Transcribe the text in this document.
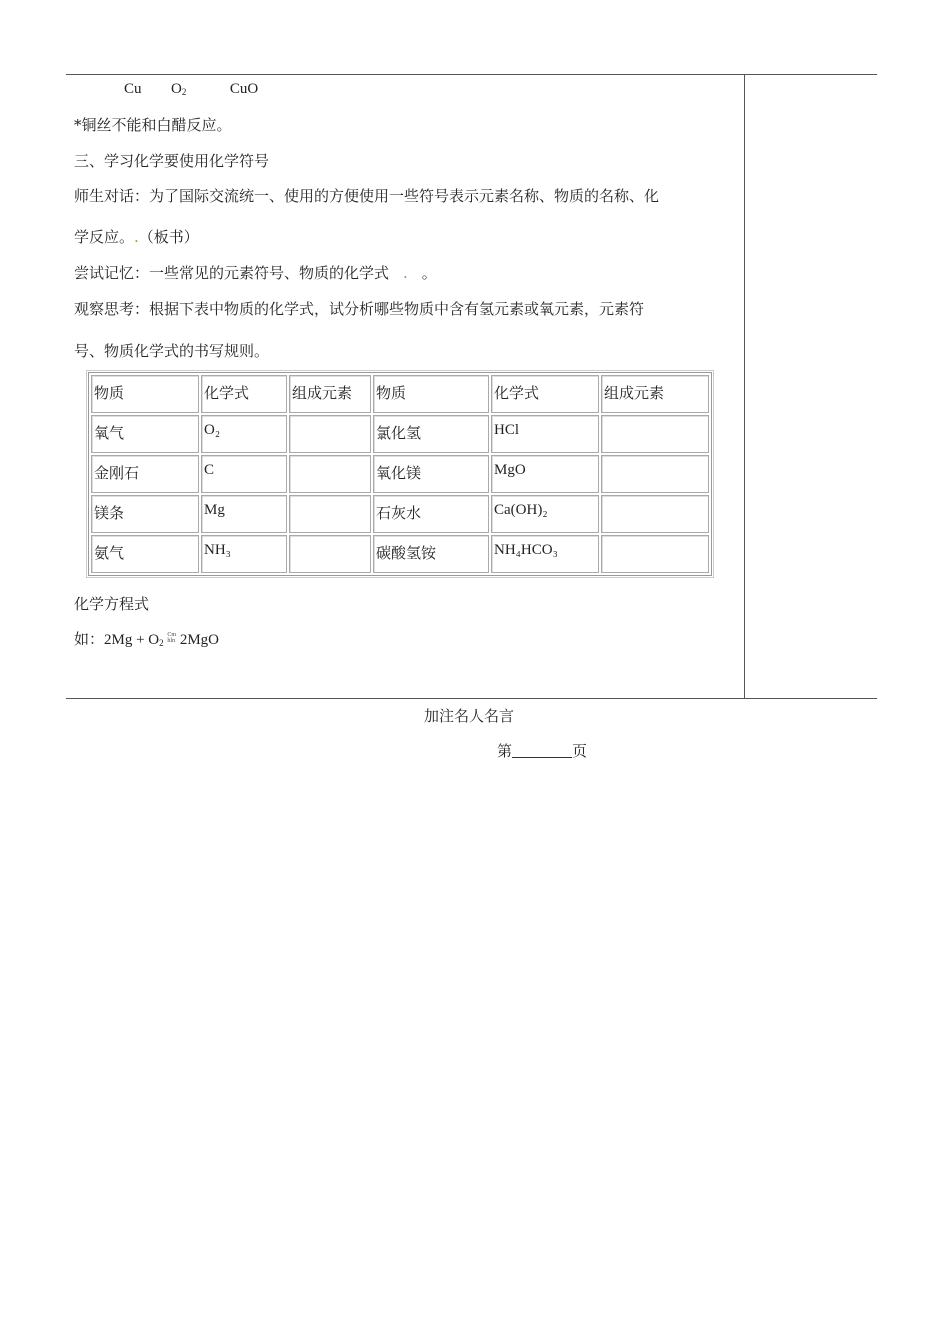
Cu $O_2$	CuO
*铜丝不能和白醋反应。
三、学习化学要使用化学符号
师生对话：为了国际交流统一、使用的方便使用一些符号表示元素名称、物质的名称、化
学反应。.（板书）
尝试记忆：一些常见的元素符号、物质的化学式 . 。
观察思考：根据下表中物质的化学式，试分析哪些物质中含有氢元素或氧元素，元素符
号、物质化学式的书写规则。
物质	化学式	组成元素	物质	化学式	组成元素
氧气	O₂		氯化氢	HCl	
金刚石	C		氧化镁	MgO	
镁条	Mg		石灰水	Ca(OH)₂	
氨气	NH₃		碳酸氢铵	NH₄HCO₃	
化学方程式
如：$2Mg + O_2$ Cm
hln 2MgO
加注名人名言
第	页
